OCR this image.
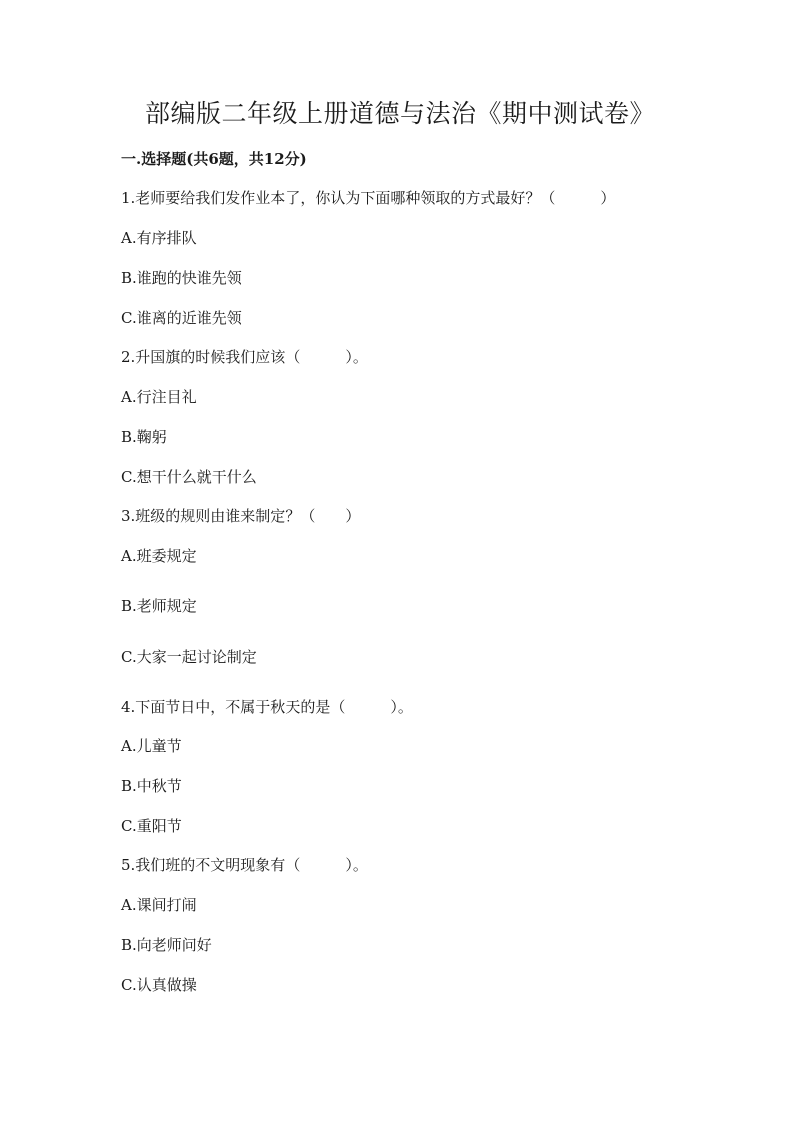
部编版二年级上册道德与法治《期中测试卷》
一.选择题(共6题，共12分)
1.老师要给我们发作业本了，你认为下面哪种领取的方式最好？（　　　）
A.有序排队
B.谁跑的快谁先领
C.谁离的近谁先领
2.升国旗的时候我们应该（　　　）。
A.行注目礼
B.鞠躬
C.想干什么就干什么
3.班级的规则由谁来制定？（　　）
A.班委规定
B.老师规定
C.大家一起讨论制定
4.下面节日中，不属于秋天的是（　　　）。
A.儿童节
B.中秋节
C.重阳节
5.我们班的不文明现象有（　　　）。
A.课间打闹
B.向老师问好
C.认真做操
